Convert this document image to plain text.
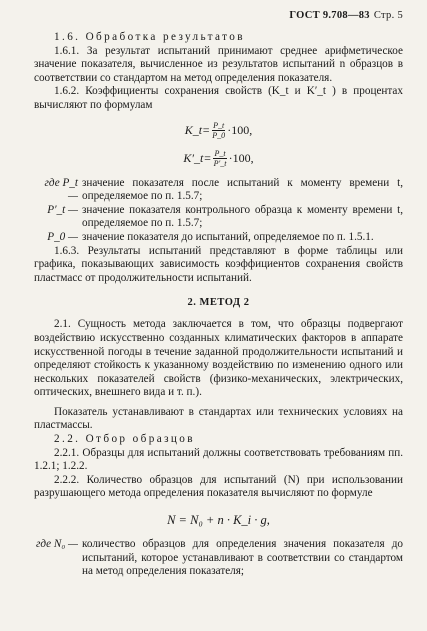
ГОСТ 9.708—83 Стр. 5

1.6. Обработка результатов

1.6.1. За результат испытаний принимают среднее арифметическое значение показателя, вычисленное из результатов испытаний n образцов в соответствии со стандартом на метод определения показателя.

1.6.2. Коэффициенты сохранения свойств (K_t и K′_t ) в процентах вычисляют по формулам

K_t= $\frac{P\_t}{P\_0} \cdot 100$,
K′_t= $\frac{P\_t}{P'\_t} \cdot 100$,
где P_t —
значение показателя после испытаний к моменту времени t, определяемое по п. 1.5.7;
P′_t — значение показателя контрольного образца к моменту времени t, определяемое по п. 1.5.7;
P_0 — значение показателя до испытаний, определяемое по п. 1.5.1.

1.6.3. Результаты испытаний представляют в форме таблицы или графика, показывающих зависимость коэффициентов сохранения свойств пластмасс от продолжительности испытаний.

2. МЕТОД 2

2.1. Сущность метода заключается в том, что образцы подвергают воздействию искусственно созданных климатических факторов в аппарате искусственной погоды в течение заданной продолжительности испытаний и определяют стойкость к указанному воздействию по изменению одного или нескольких показателей свойств (физико-механических, электрических, оптических, внешнего вида и т. п.).

Показатель устанавливают в стандартах или технических условиях на пластмассы.

2.2. Отбор образцов

2.2.1. Образцы для испытаний должны соответствовать требованиям пп. 1.2.1; 1.2.2.

2.2.2. Количество образцов для испытаний (N) при использовании разрушающего метода определения показателя вычисляют по формуле

N = N₀ + n · K_i · g,
где N₀ — количество образцов для определения значения показателя до испытаний, которое устанавливают в соответствии со стандартом на метод определения показателя;
